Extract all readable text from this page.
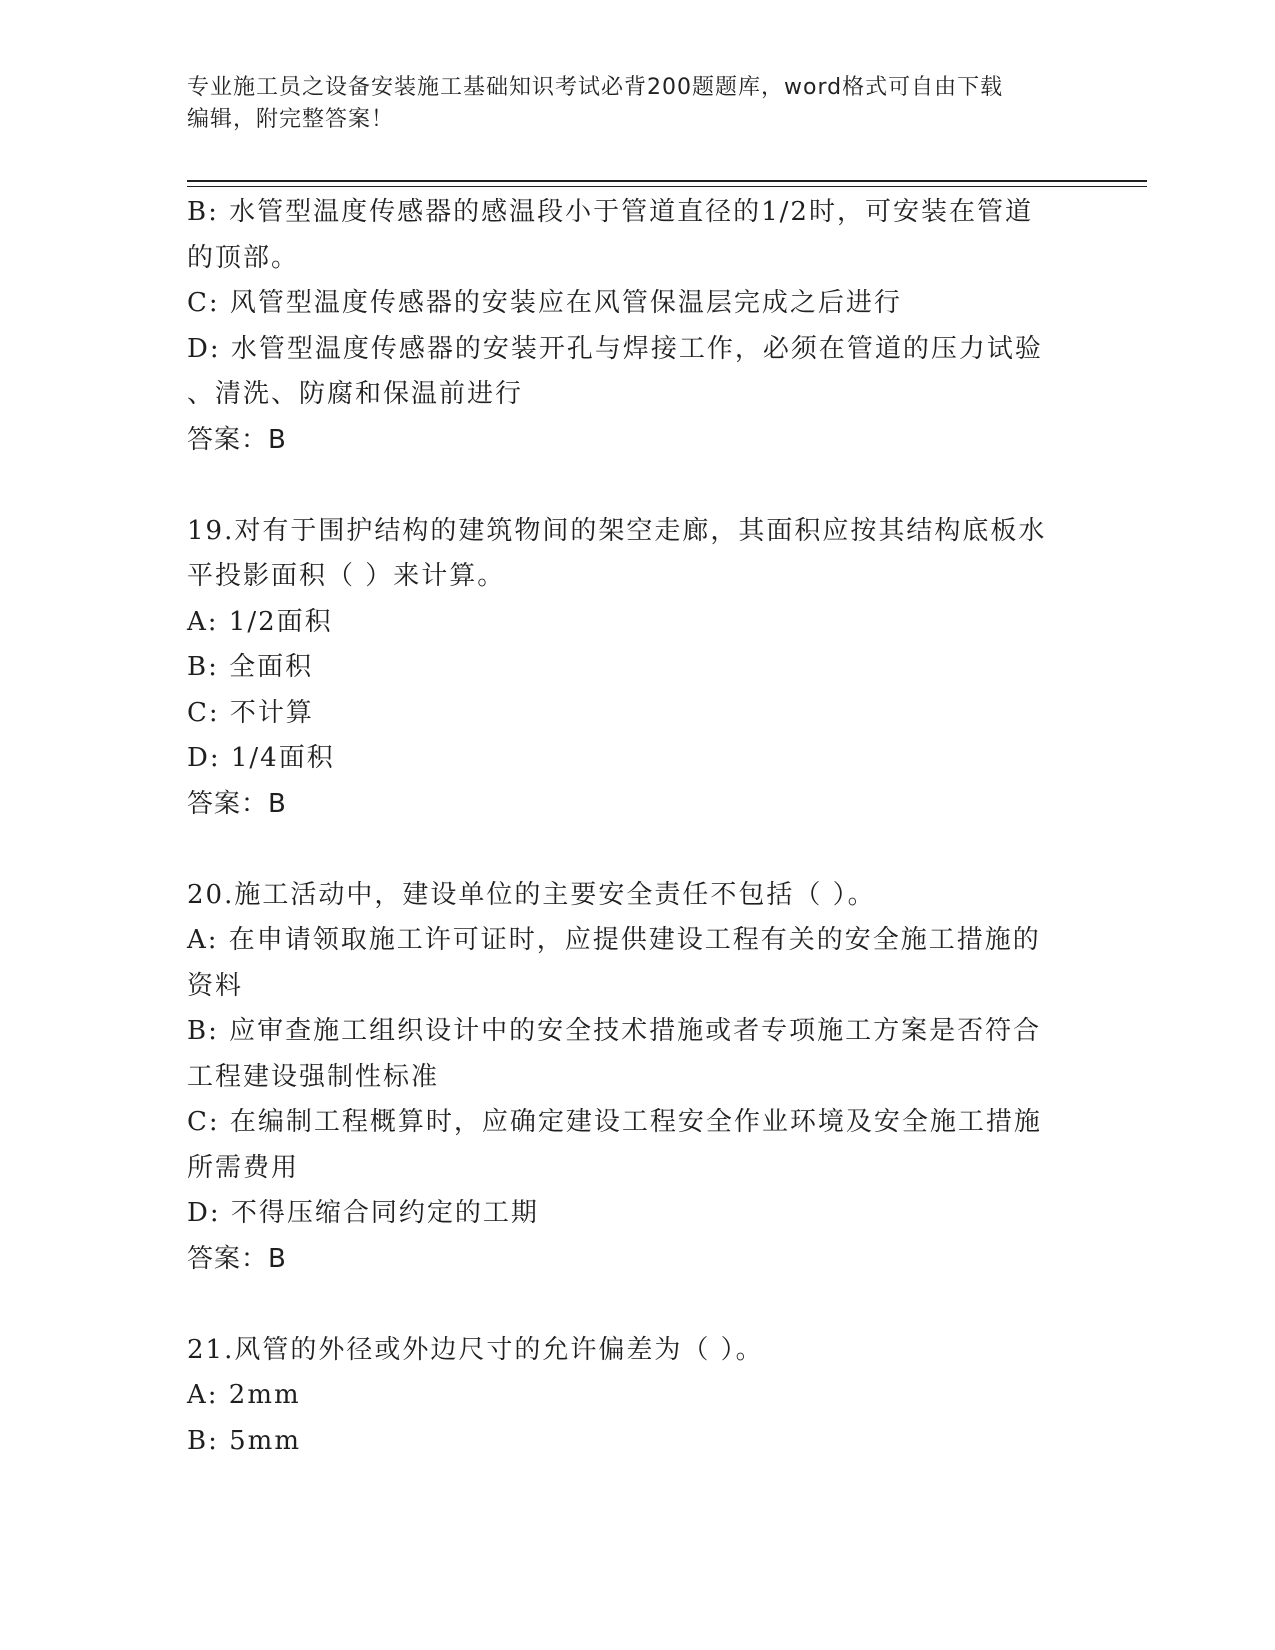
专业施工员之设备安装施工基础知识考试必背200题题库，word格式可自由下载
编辑，附完整答案！
B: 水管型温度传感器的感温段小于管道直径的1/2时，可安装在管道
的顶部。
C: 风管型温度传感器的安装应在风管保温层完成之后进行
D: 水管型温度传感器的安装开孔与焊接工作，必须在管道的压力试验
、清洗、防腐和保温前进行
答案：B
19.对有于围护结构的建筑物间的架空走廊，其面积应按其结构底板水
平投影面积（ ）来计算。
A: 1/2面积
B: 全面积
C: 不计算
D: 1/4面积
答案：B
20.施工活动中，建设单位的主要安全责任不包括（ ）。
A: 在申请领取施工许可证时，应提供建设工程有关的安全施工措施的
资料
B: 应审查施工组织设计中的安全技术措施或者专项施工方案是否符合
工程建设强制性标准
C: 在编制工程概算时，应确定建设工程安全作业环境及安全施工措施
所需费用
D: 不得压缩合同约定的工期
答案：B
21.风管的外径或外边尺寸的允许偏差为（ ）。
A: 2mm
B: 5mm
